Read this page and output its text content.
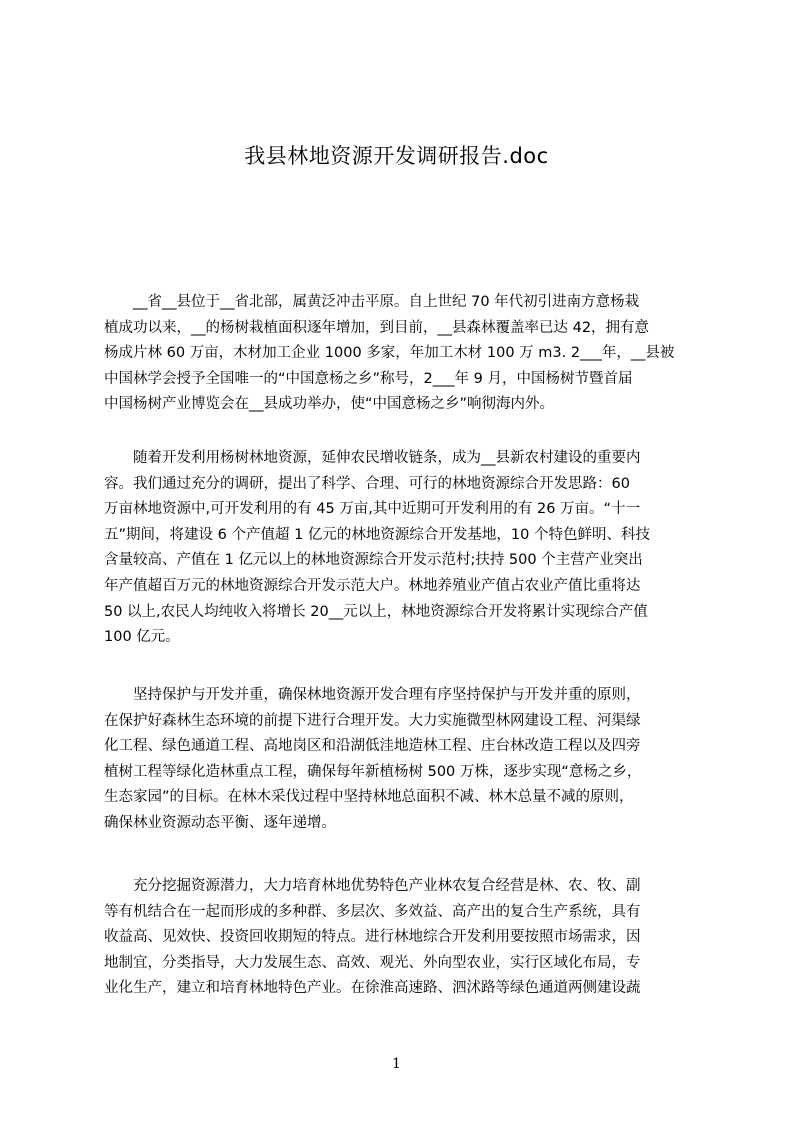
我县林地资源开发调研报告.doc

　　__省__县位于__省北部，属黄泛冲击平原。自上世纪 70 年代初引进南方意杨栽

植成功以来，__的杨树栽植面积逐年增加，到目前，__县森林覆盖率已达 42，拥有意

杨成片林 60 万亩，木材加工企业 1000 多家，年加工木材 100 万 m3. 2___年，__县被

中国林学会授予全国唯一的“中国意杨之乡”称号，2___年 9 月，中国杨树节暨首届

中国杨树产业博览会在__县成功举办，使“中国意杨之乡”响彻海内外。

　　随着开发利用杨树林地资源，延伸农民增收链条，成为__县新农村建设的重要内

容。我们通过充分的调研，提出了科学、合理、可行的林地资源综合开发思路：60

万亩林地资源中,可开发利用的有 45 万亩,其中近期可开发利用的有 26 万亩。“十一

五”期间，将建设 6 个产值超 1 亿元的林地资源综合开发基地，10 个特色鲜明、科技

含量较高、产值在 1 亿元以上的林地资源综合开发示范村;扶持 500 个主营产业突出

年产值超百万元的林地资源综合开发示范大户。林地养殖业产值占农业产值比重将达

50 以上,农民人均纯收入将增长 20__元以上，林地资源综合开发将累计实现综合产值

100 亿元。

　　坚持保护与开发并重，确保林地资源开发合理有序坚持保护与开发并重的原则，

在保护好森林生态环境的前提下进行合理开发。大力实施微型林网建设工程、河渠绿

化工程、绿色通道工程、高地岗区和沿湖低洼地造林工程、庄台林改造工程以及四旁

植树工程等绿化造林重点工程，确保每年新植杨树 500 万株，逐步实现“意杨之乡，

生态家园”的目标。在林木采伐过程中坚持林地总面积不减、林木总量不减的原则，

确保林业资源动态平衡、逐年递增。

　　充分挖掘资源潜力，大力培育林地优势特色产业林农复合经营是林、农、牧、副

等有机结合在一起而形成的多种群、多层次、多效益、高产出的复合生产系统，具有

收益高、见效快、投资回收期短的特点。进行林地综合开发利用要按照市场需求，因

地制宜，分类指导，大力发展生态、高效、观光、外向型农业，实行区域化布局，专

业化生产，建立和培育林地特色产业。在徐淮高速路、泗沭路等绿色通道两侧建设蔬

1
